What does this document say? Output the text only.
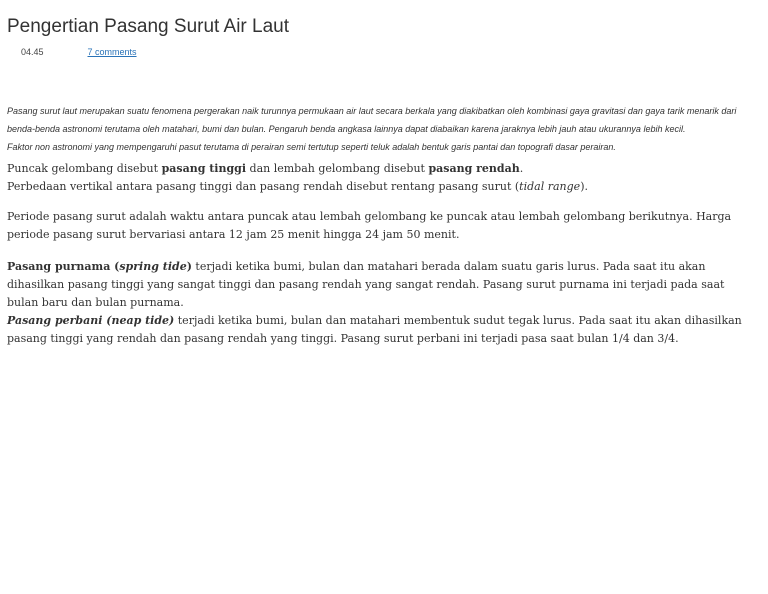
Pengertian Pasang Surut Air Laut
04.45	7 comments

Pasang surut laut merupakan suatu fenomena pergerakan naik turunnya permukaan air laut secara berkala yang diakibatkan oleh kombinasi gaya gravitasi dan gaya tarik menarik dari benda-benda astronomi terutama oleh matahari, bumi dan bulan. Pengaruh benda angkasa lainnya dapat diabaikan karena jaraknya lebih jauh atau ukurannya lebih kecil.

Faktor non astronomi yang mempengaruhi pasut terutama di perairan semi tertutup seperti teluk adalah bentuk garis pantai dan topografi dasar perairan.

Puncak gelombang disebut pasang tinggi dan lembah gelombang disebut pasang rendah.

Perbedaan vertikal antara pasang tinggi dan pasang rendah disebut rentang pasang surut (tidal range).

Periode pasang surut adalah waktu antara puncak atau lembah gelombang ke puncak atau lembah gelombang berikutnya. Harga periode pasang surut bervariasi antara 12 jam 25 menit hingga 24 jam 50 menit.

Pasang purnama (spring tide) terjadi ketika bumi, bulan dan matahari berada dalam suatu garis lurus. Pada saat itu akan dihasilkan pasang tinggi yang sangat tinggi dan pasang rendah yang sangat rendah. Pasang surut purnama ini terjadi pada saat bulan baru dan bulan purnama.

Pasang perbani (neap tide) terjadi ketika bumi, bulan dan matahari membentuk sudut tegak lurus. Pada saat itu akan dihasilkan pasang tinggi yang rendah dan pasang rendah yang tinggi. Pasang surut perbani ini terjadi pasa saat bulan 1/4 dan 3/4.
